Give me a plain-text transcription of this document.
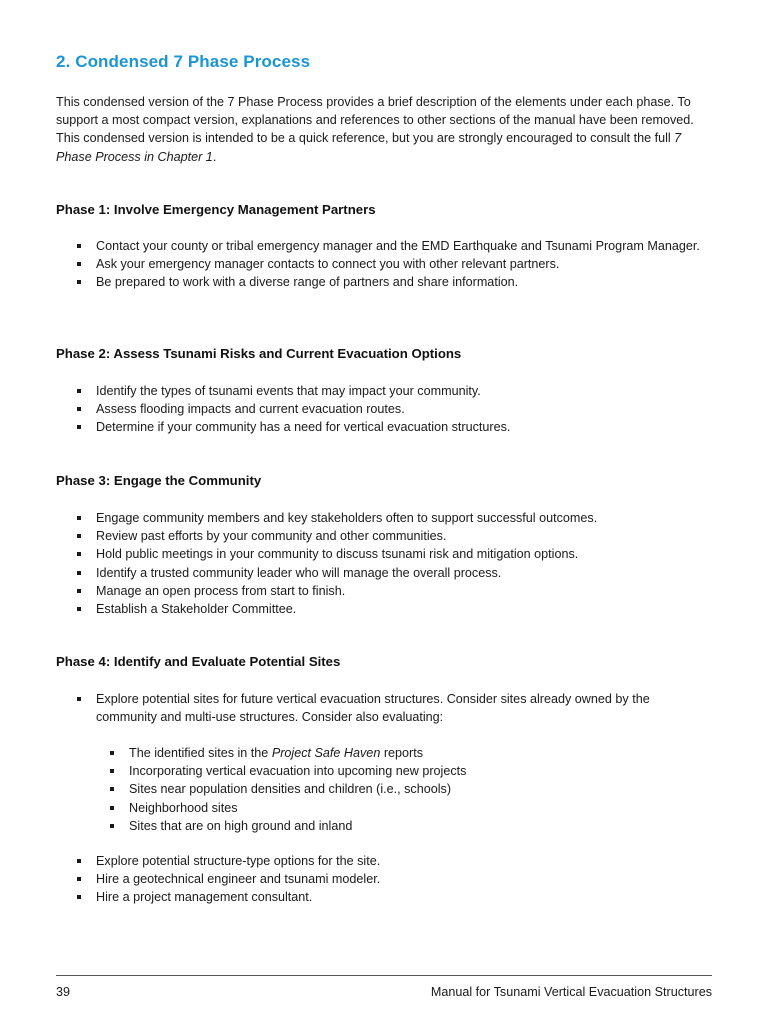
2. Condensed 7 Phase Process

This condensed version of the 7 Phase Process provides a brief description of the elements under each phase. To support a most compact version, explanations and references to other sections of the manual have been removed. This condensed version is intended to be a quick reference, but you are strongly encouraged to consult the full 7 Phase Process in Chapter 1.

Phase 1: Involve Emergency Management Partners
Contact your county or tribal emergency manager and the EMD Earthquake and Tsunami Program Manager.
Ask your emergency manager contacts to connect you with other relevant partners.
Be prepared to work with a diverse range of partners and share information.
Phase 2: Assess Tsunami Risks and Current Evacuation Options
Identify the types of tsunami events that may impact your community.
Assess flooding impacts and current evacuation routes.
Determine if your community has a need for vertical evacuation structures.
Phase 3: Engage the Community
Engage community members and key stakeholders often to support successful outcomes.
Review past efforts by your community and other communities.
Hold public meetings in your community to discuss tsunami risk and mitigation options.
Identify a trusted community leader who will manage the overall process.
Manage an open process from start to finish.
Establish a Stakeholder Committee.
Phase 4: Identify and Evaluate Potential Sites
Explore potential sites for future vertical evacuation structures. Consider sites already owned by the community and multi-use structures. Consider also evaluating:
The identified sites in the Project Safe Haven reports
Incorporating vertical evacuation into upcoming new projects
Sites near population densities and children (i.e., schools)
Neighborhood sites
Sites that are on high ground and inland
Explore potential structure-type options for the site.
Hire a geotechnical engineer and tsunami modeler.
Hire a project management consultant.
39	Manual for Tsunami Vertical Evacuation Structures
